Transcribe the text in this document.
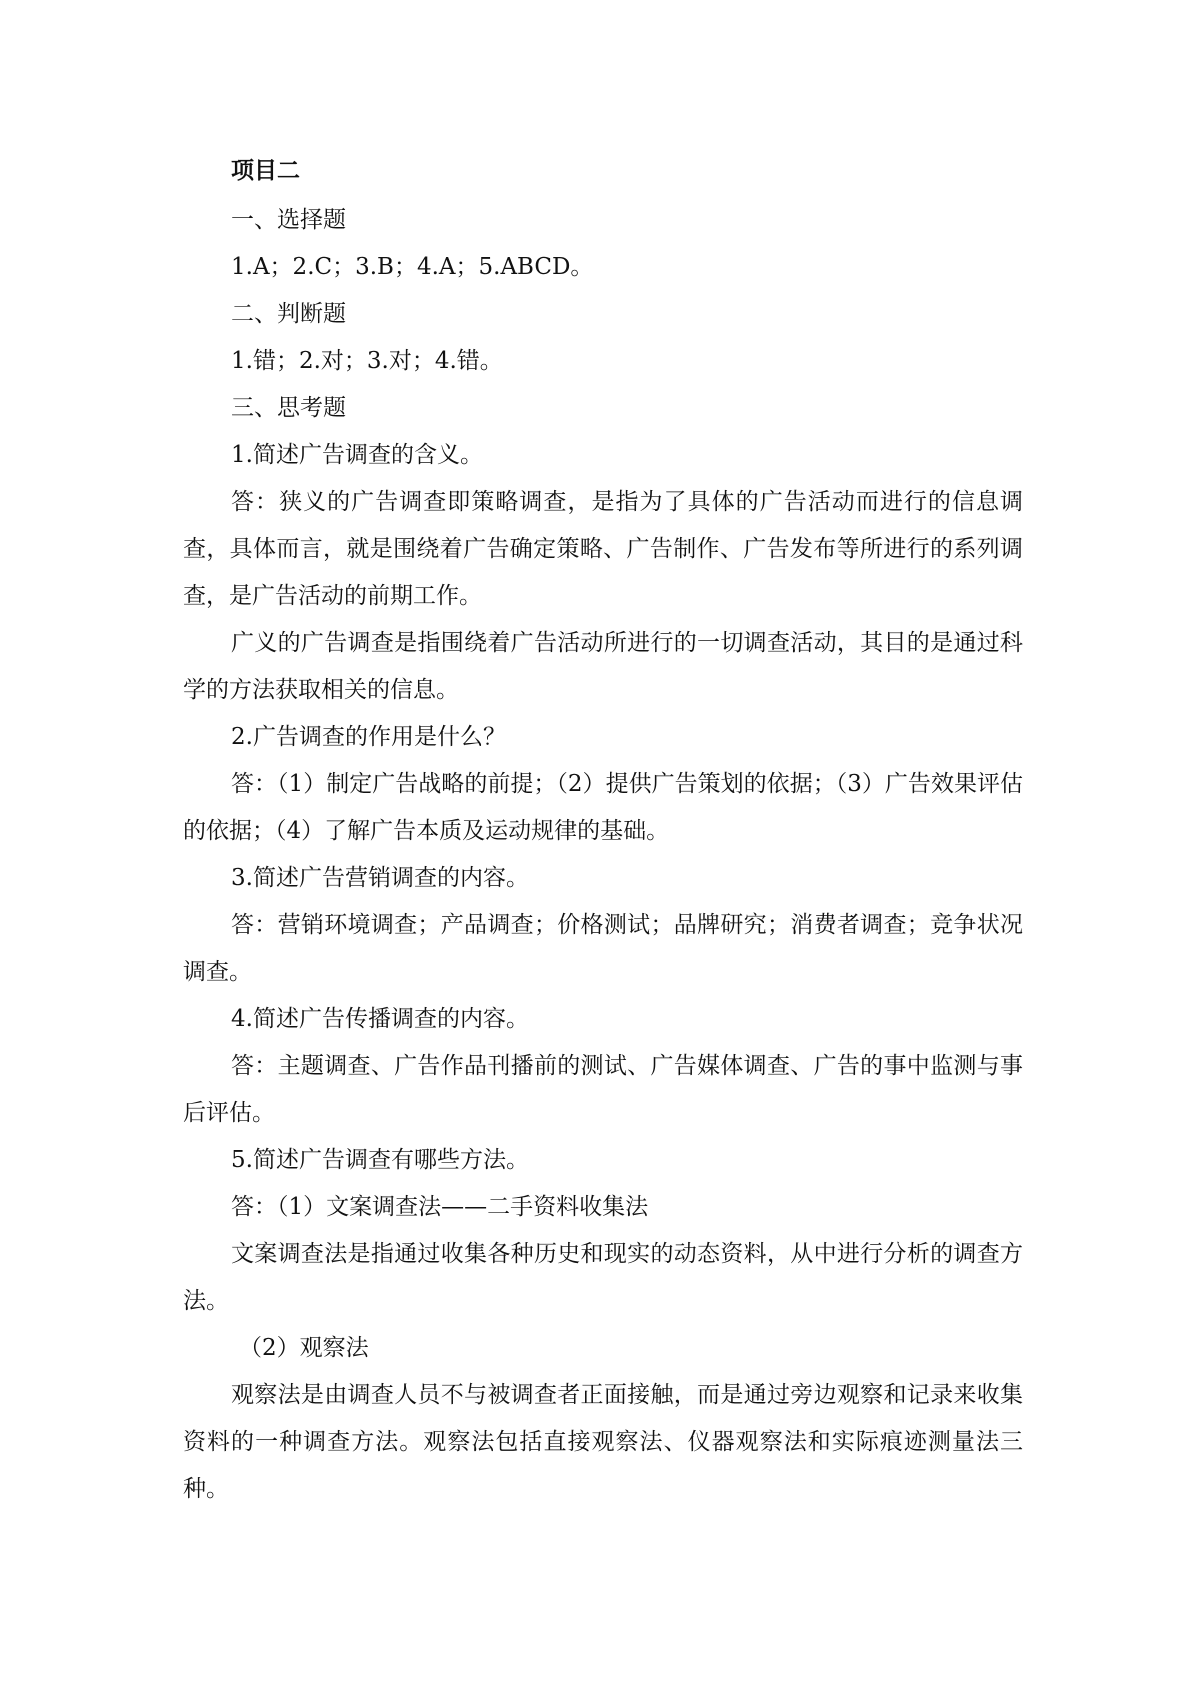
项目二

一、选择题

1.A；2.C；3.B；4.A；5.ABCD。

二、判断题

1.错；2.对；3.对；4.错。

三、思考题

1.简述广告调查的含义。

答：狭义的广告调查即策略调查，是指为了具体的广告活动而进行的信息调查，具体而言，就是围绕着广告确定策略、广告制作、广告发布等所进行的系列调查，是广告活动的前期工作。

广义的广告调查是指围绕着广告活动所进行的一切调查活动，其目的是通过科学的方法获取相关的信息。

2.广告调查的作用是什么？

答：（1）制定广告战略的前提；（2）提供广告策划的依据；（3）广告效果评估的依据；（4）了解广告本质及运动规律的基础。

3.简述广告营销调查的内容。

答：营销环境调查；产品调查；价格测试；品牌研究；消费者调查；竞争状况调查。

4.简述广告传播调查的内容。

答：主题调查、广告作品刊播前的测试、广告媒体调查、广告的事中监测与事后评估。

5.简述广告调查有哪些方法。

答：（1）文案调查法——二手资料收集法

文案调查法是指通过收集各种历史和现实的动态资料，从中进行分析的调查方法。

（2）观察法

观察法是由调查人员不与被调查者正面接触，而是通过旁边观察和记录来收集资料的一种调查方法。观察法包括直接观察法、仪器观察法和实际痕迹测量法三种。
